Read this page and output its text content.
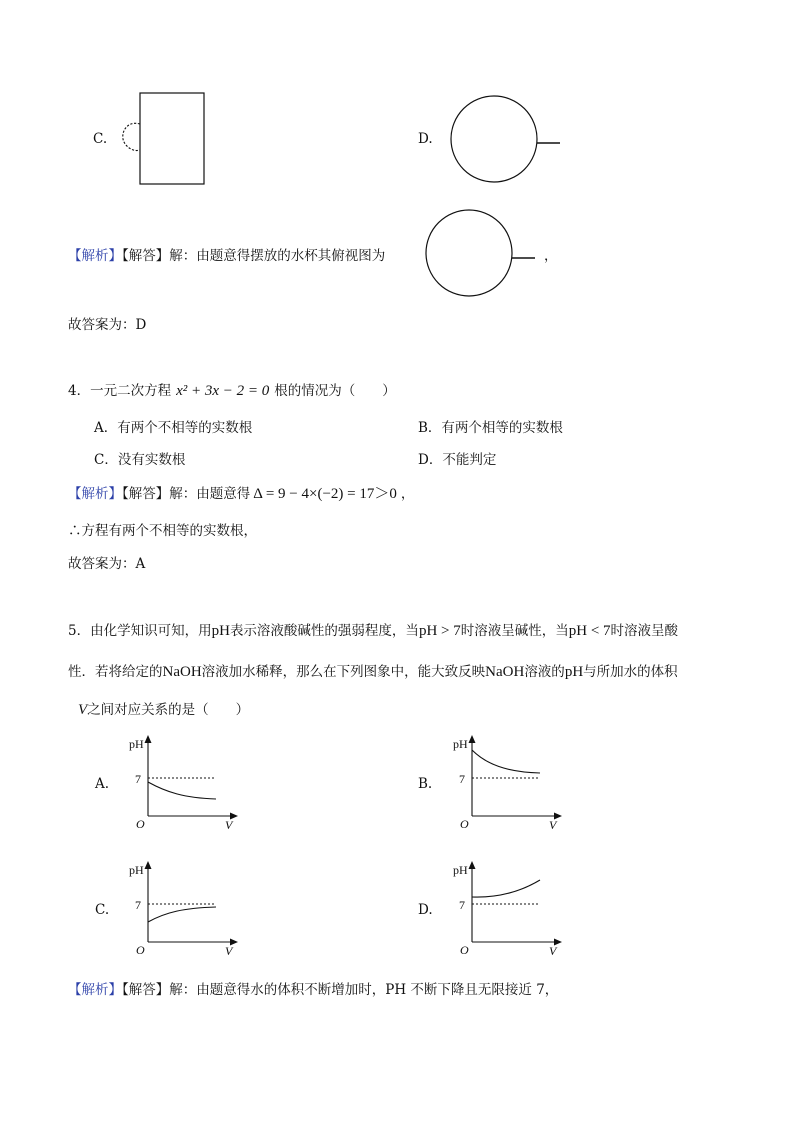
C.	D.
【解析】【解答】解：由题意得摆放的水杯其俯视图为	，
故答案为：D
4．一元二次方程 x² + 3x − 2 = 0 根的情况为（　　）
A．有两个不相等的实数根	B．有两个相等的实数根
C．没有实数根	D．不能判定
【解析】【解答】解：由题意得 Δ = 9 − 4×(−2) = 17＞0 ，
∴方程有两个不相等的实数根，
故答案为：A
5．由化学知识可知，用pH表示溶液酸碱性的强弱程度，当pH > 7时溶液呈碱性，当pH < 7时溶液呈酸
性．若将给定的NaOH溶液加水稀释，那么在下列图象中，能大致反映NaOH溶液的pH与所加水的体积
V之间对应关系的是（　　）
A.	B.
C.	D.
pH
7
O	V
pH
7
O	V
pH
7
O	V
pH
7
O	V
【解析】【解答】解：由题意得水的体积不断增加时，PH 不断下降且无限接近 7，
